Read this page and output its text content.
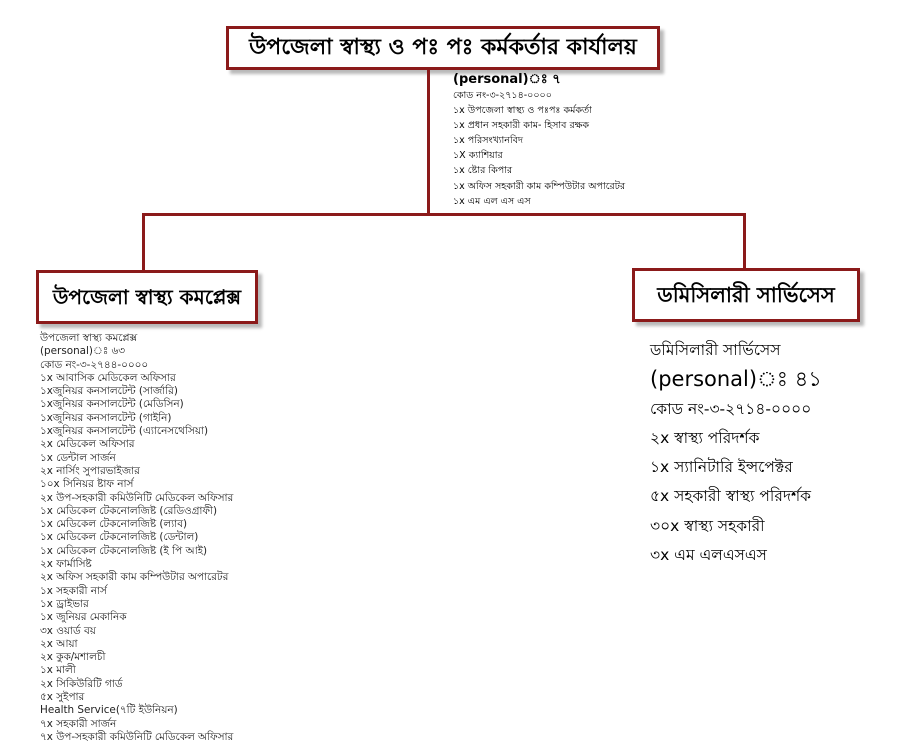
উপজেলা স্বাস্থ্য ও পঃ পঃ কর্মকর্তার কার্যালয়
(personal)ঃ ৭
কোড নং-৩-২৭১৪-০০০০
১x উপজেলা স্বাস্থ্য ও পঃপঃ কর্মকর্তা
১x প্রধান সহকারী কাম- হিসাব রক্ষক
১x পরিসংখ্যানবিদ
১X ক্যাশিয়ার
১x ষ্টোর কিপার
১x অফিস সহকারী কাম কম্পিউটার অপারেটর
১x এম এল এস এস
উপজেলা স্বাস্থ্য কমপ্লেক্স	ডমিসিলারী সার্ভিসেস
উপজেলা স্বাস্থ্য কমপ্লেক্স
(personal)ঃ ৬৩
কোড নং-৩-২৭৪৪-০০০০
১x আবাসিক মেডিকেল অফিসার
১xজুনিয়র কনসালটেন্ট (সার্জারি)
১xজুনিয়র কনসালটেন্ট (মেডিসিন)
১xজুনিয়র কনসালটেন্ট (গাইনি)
১xজুনিয়র কনসালটেন্ট (এ্যানেসথেসিয়া)
২x মেডিকেল অফিসার
১x ডেন্টাল সার্জন
২x নার্সিং সুপারভাইজার
১০x সিনিয়র ষ্টাফ নার্স
২x উপ-সহকারী কমিউনিটি মেডিকেল অফিসার
১x মেডিকেল টেকনোলজিষ্ট (রেডিওগ্রাফী)
১x মেডিকেল টেকনোলজিষ্ট (ল্যাব)
১x মেডিকেল টেকনোলজিষ্ট (ডেন্টাল)
১x মেডিকেল টেকনোলজিষ্ট (ই পি আই)
২x ফার্মাসিষ্ট
২x অফিস সহকারী কাম কম্পিউটার অপারেটর
১x সহকারী নার্স
১x ড্রাইভার
১x জুনিয়র মেকানিক
৩x ওয়ার্ড বয়
২x আয়া
২x কুক/মশালচী
১x মালী
২x সিকিউরিটি গার্ড
৫x সুইপার
Health Service(৭টি ইউনিয়ন)
৭x সহকারী সার্জন
৭x উপ-সহকারী কমিউনিটি মেডিকেল অফিসার
ডমিসিলারী সার্ভিসেস
(personal)ঃ ৪১
কোড নং-৩-২৭১৪-০০০০
২x স্বাস্থ্য পরিদর্শক
১x স্যানিটারি ইন্সপেক্টর
৫x সহকারী স্বাস্থ্য পরিদর্শক
৩০x স্বাস্থ্য সহকারী
৩x এম এলএসএস
